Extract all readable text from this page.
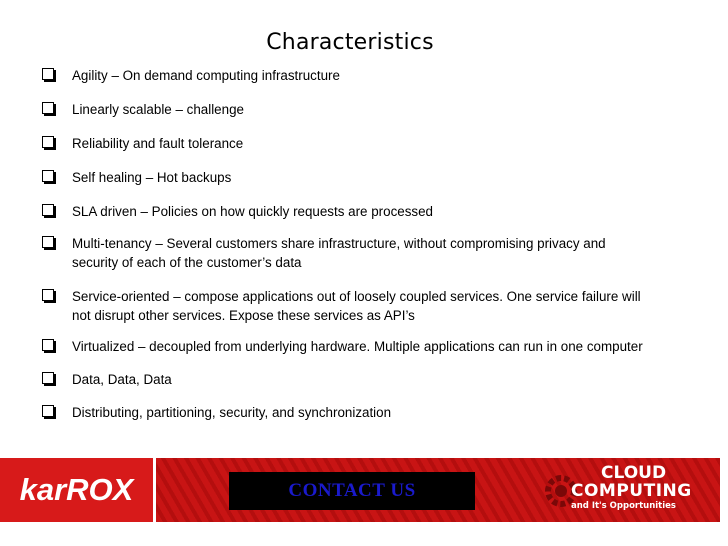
Characteristics
Agility – On demand computing infrastructure
Linearly scalable – challenge
Reliability and fault tolerance
Self healing – Hot backups
SLA driven – Policies on how quickly requests are processed
Multi-tenancy – Several customers share infrastructure, without compromising privacy and
security of each of the customer’s data
Service-oriented – compose applications out of loosely coupled services. One service failure will
not disrupt other services. Expose these services as API’s
Virtualized – decoupled from underlying hardware. Multiple applications can run in one computer
Data, Data, Data
Distributing, partitioning, security, and synchronization
karROX	CONTACT US
CLOUD
COMPUTING
and It's Opportunities
